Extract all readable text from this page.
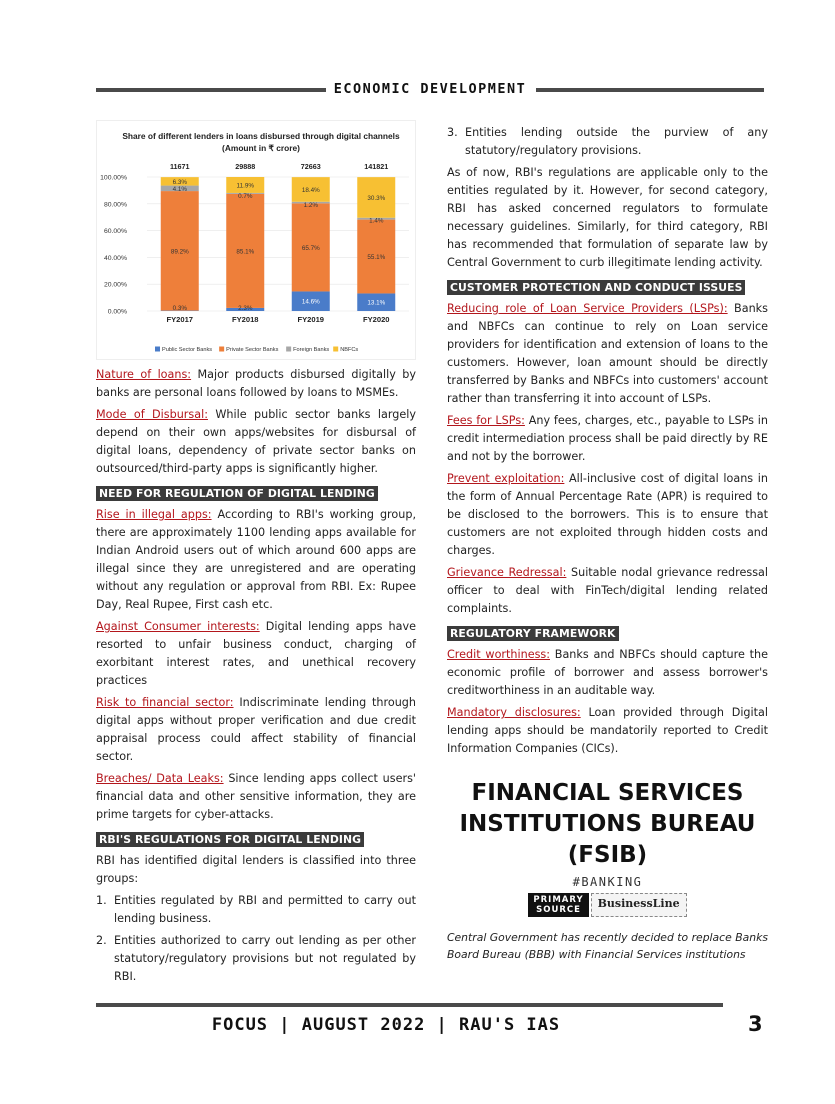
ECONOMIC DEVELOPMENT
Share of different lenders in loans disbursed through digital channels
(Amount in ₹ crore)
0.00%
20.00%
40.00%
60.00%
80.00%
100.00%
0.3%
89.2%
4.1%
6.3%
11671
FY2017
2.3%
85.1%
0.7%
11.9%
29888
FY2018
14.6%
65.7%
1.2%
18.4%
72663
FY2019
13.1%
55.1%
1.4%
30.3%
141821
FY2020
Public Sector Banks	Private Sector Banks	Foreign Banks NBFCs

Nature of loans: Major products disbursed digitally by banks are personal loans followed by loans to MSMEs.

Mode of Disbursal: While public sector banks largely depend on their own apps/websites for disbursal of digital loans, dependency of private sector banks on outsourced/third-party apps is significantly higher.

NEED FOR REGULATION OF DIGITAL LENDING

Rise in illegal apps: According to RBI's working group, there are approximately 1100 lending apps available for Indian Android users out of which around 600 apps are illegal since they are unregistered and are operating without any regulation or approval from RBI. Ex: Rupee Day, Real Rupee, First cash etc.

Against Consumer interests: Digital lending apps have resorted to unfair business conduct, charging of exorbitant interest rates, and unethical recovery practices

Risk to financial sector: Indiscriminate lending through digital apps without proper verification and due credit appraisal process could affect stability of financial sector.

Breaches/ Data Leaks: Since lending apps collect users' financial data and other sensitive information, they are prime targets for cyber-attacks.

RBI'S REGULATIONS FOR DIGITAL LENDING

RBI has identified digital lenders is classified into three groups:

1. Entities regulated by RBI and permitted to carry out lending business.
2. Entities authorized to carry out lending as per other statutory/regulatory provisions but not regulated by RBI.
3. Entities lending outside the purview of any statutory/regulatory provisions.

As of now, RBI's regulations are applicable only to the entities regulated by it. However, for second category, RBI has asked concerned regulators to formulate necessary guidelines. Similarly, for third category, RBI has recommended that formulation of separate law by Central Government to curb illegitimate lending activity.

CUSTOMER PROTECTION AND CONDUCT ISSUES

Reducing role of Loan Service Providers (LSPs): Banks and NBFCs can continue to rely on Loan service providers for identification and extension of loans to the customers. However, loan amount should be directly transferred by Banks and NBFCs into customers' account rather than transferring it into account of LSPs.

Fees for LSPs: Any fees, charges, etc., payable to LSPs in credit intermediation process shall be paid directly by RE and not by the borrower.

Prevent exploitation: All-inclusive cost of digital loans in the form of Annual Percentage Rate (APR) is required to be disclosed to the borrowers. This is to ensure that customers are not exploited through hidden costs and charges.

Grievance Redressal: Suitable nodal grievance redressal officer to deal with FinTech/digital lending related complaints.

REGULATORY FRAMEWORK

Credit worthiness: Banks and NBFCs should capture the economic profile of borrower and assess borrower's creditworthiness in an auditable way.

Mandatory disclosures: Loan provided through Digital lending apps should be mandatorily reported to Credit Information Companies (CICs).

FINANCIAL SERVICES
INSTITUTIONS BUREAU
(FSIB)
#BANKING
PRIMARY
SOURCE	BusinessLine

Central Government has recently decided to replace Banks Board Bureau (BBB) with Financial Services institutions

FOCUS | AUGUST 2022 | RAU'S IAS	3
